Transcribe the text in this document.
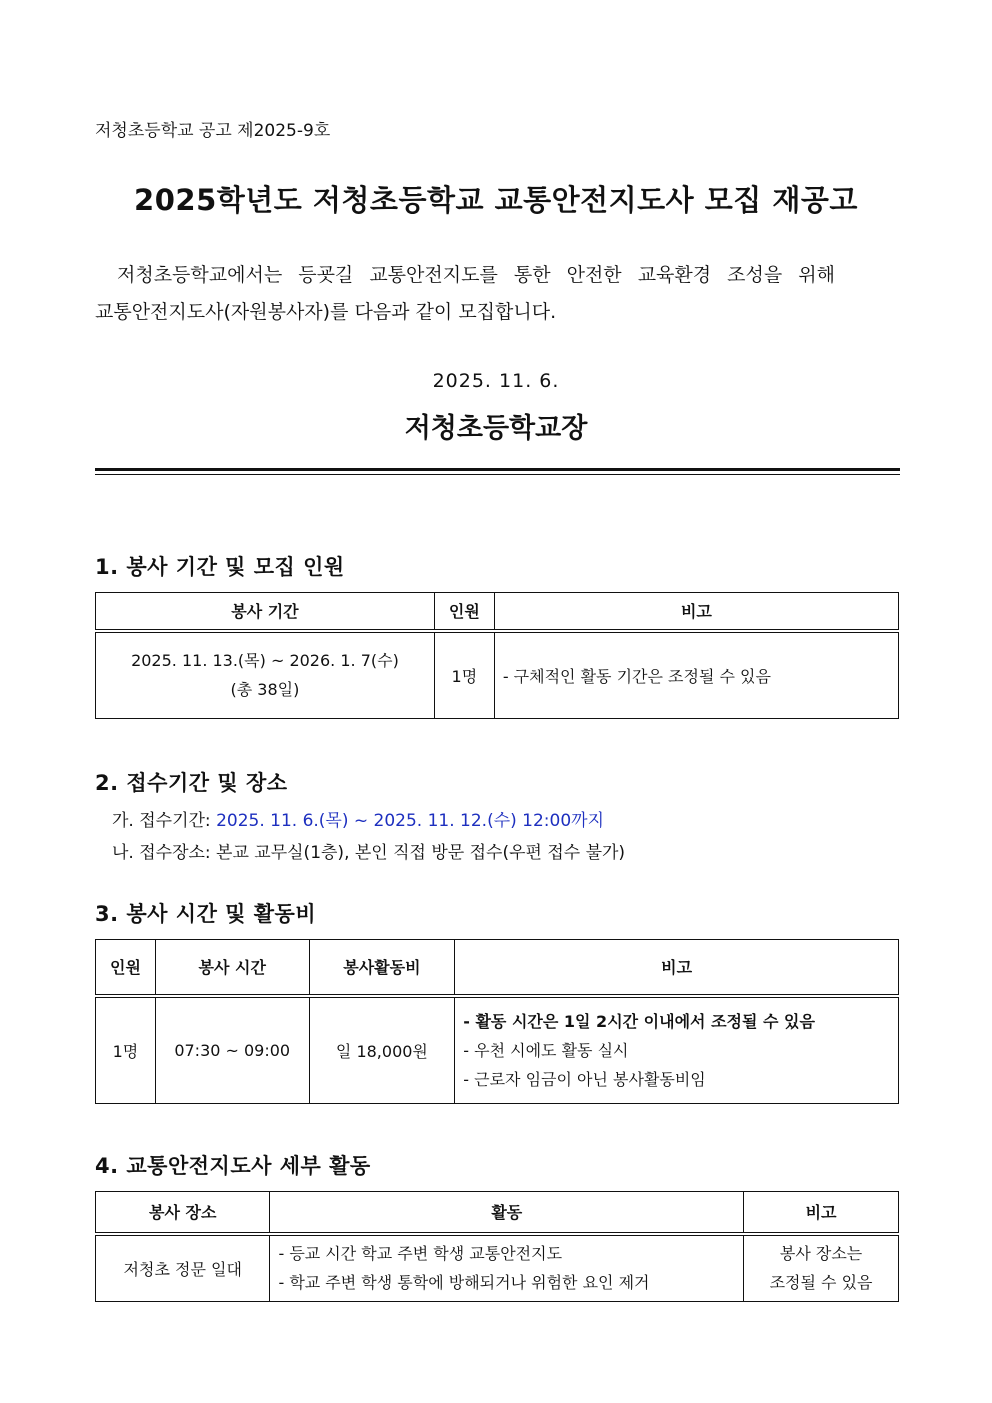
저청초등학교 공고 제2025-9호
2025학년도 저청초등학교 교통안전지도사 모집 재공고
저청초등학교에서는 등굣길 교통안전지도를 통한 안전한 교육환경 조성을 위해
교통안전지도사(자원봉사자)를 다음과 같이 모집합니다.
2025. 11. 6.
저청초등학교장
1. 봉사 기간 및 모집 인원
봉사 기간	인원	비고

2025. 11. 13.(목) ~ 2026. 1. 7(수)
(총 38일)	1명	- 구체적인 활동 기간은 조정될 수 있음
2. 접수기간 및 장소
가. 접수기간: 2025. 11. 6.(목) ~ 2025. 11. 12.(수) 12:00까지
나. 접수장소: 본교 교무실(1층), 본인 직접 방문 접수(우편 접수 불가)
3. 봉사 시간 및 활동비
인원	봉사 시간	봉사활동비	비고
1명	07:30 ~ 09:00	일 18,000원	- 활동 시간은 1일 2시간 이내에서 조정될 수 있음
- 우천 시에도 활동 실시
- 근로자 임금이 아닌 봉사활동비임
4. 교통안전지도사 세부 활동
봉사 장소	활동	비고
저청초 정문 일대	- 등교 시간 학교 주변 학생 교통안전지도
- 학교 주변 학생 통학에 방해되거나 위험한 요인 제거	봉사 장소는
조정될 수 있음
